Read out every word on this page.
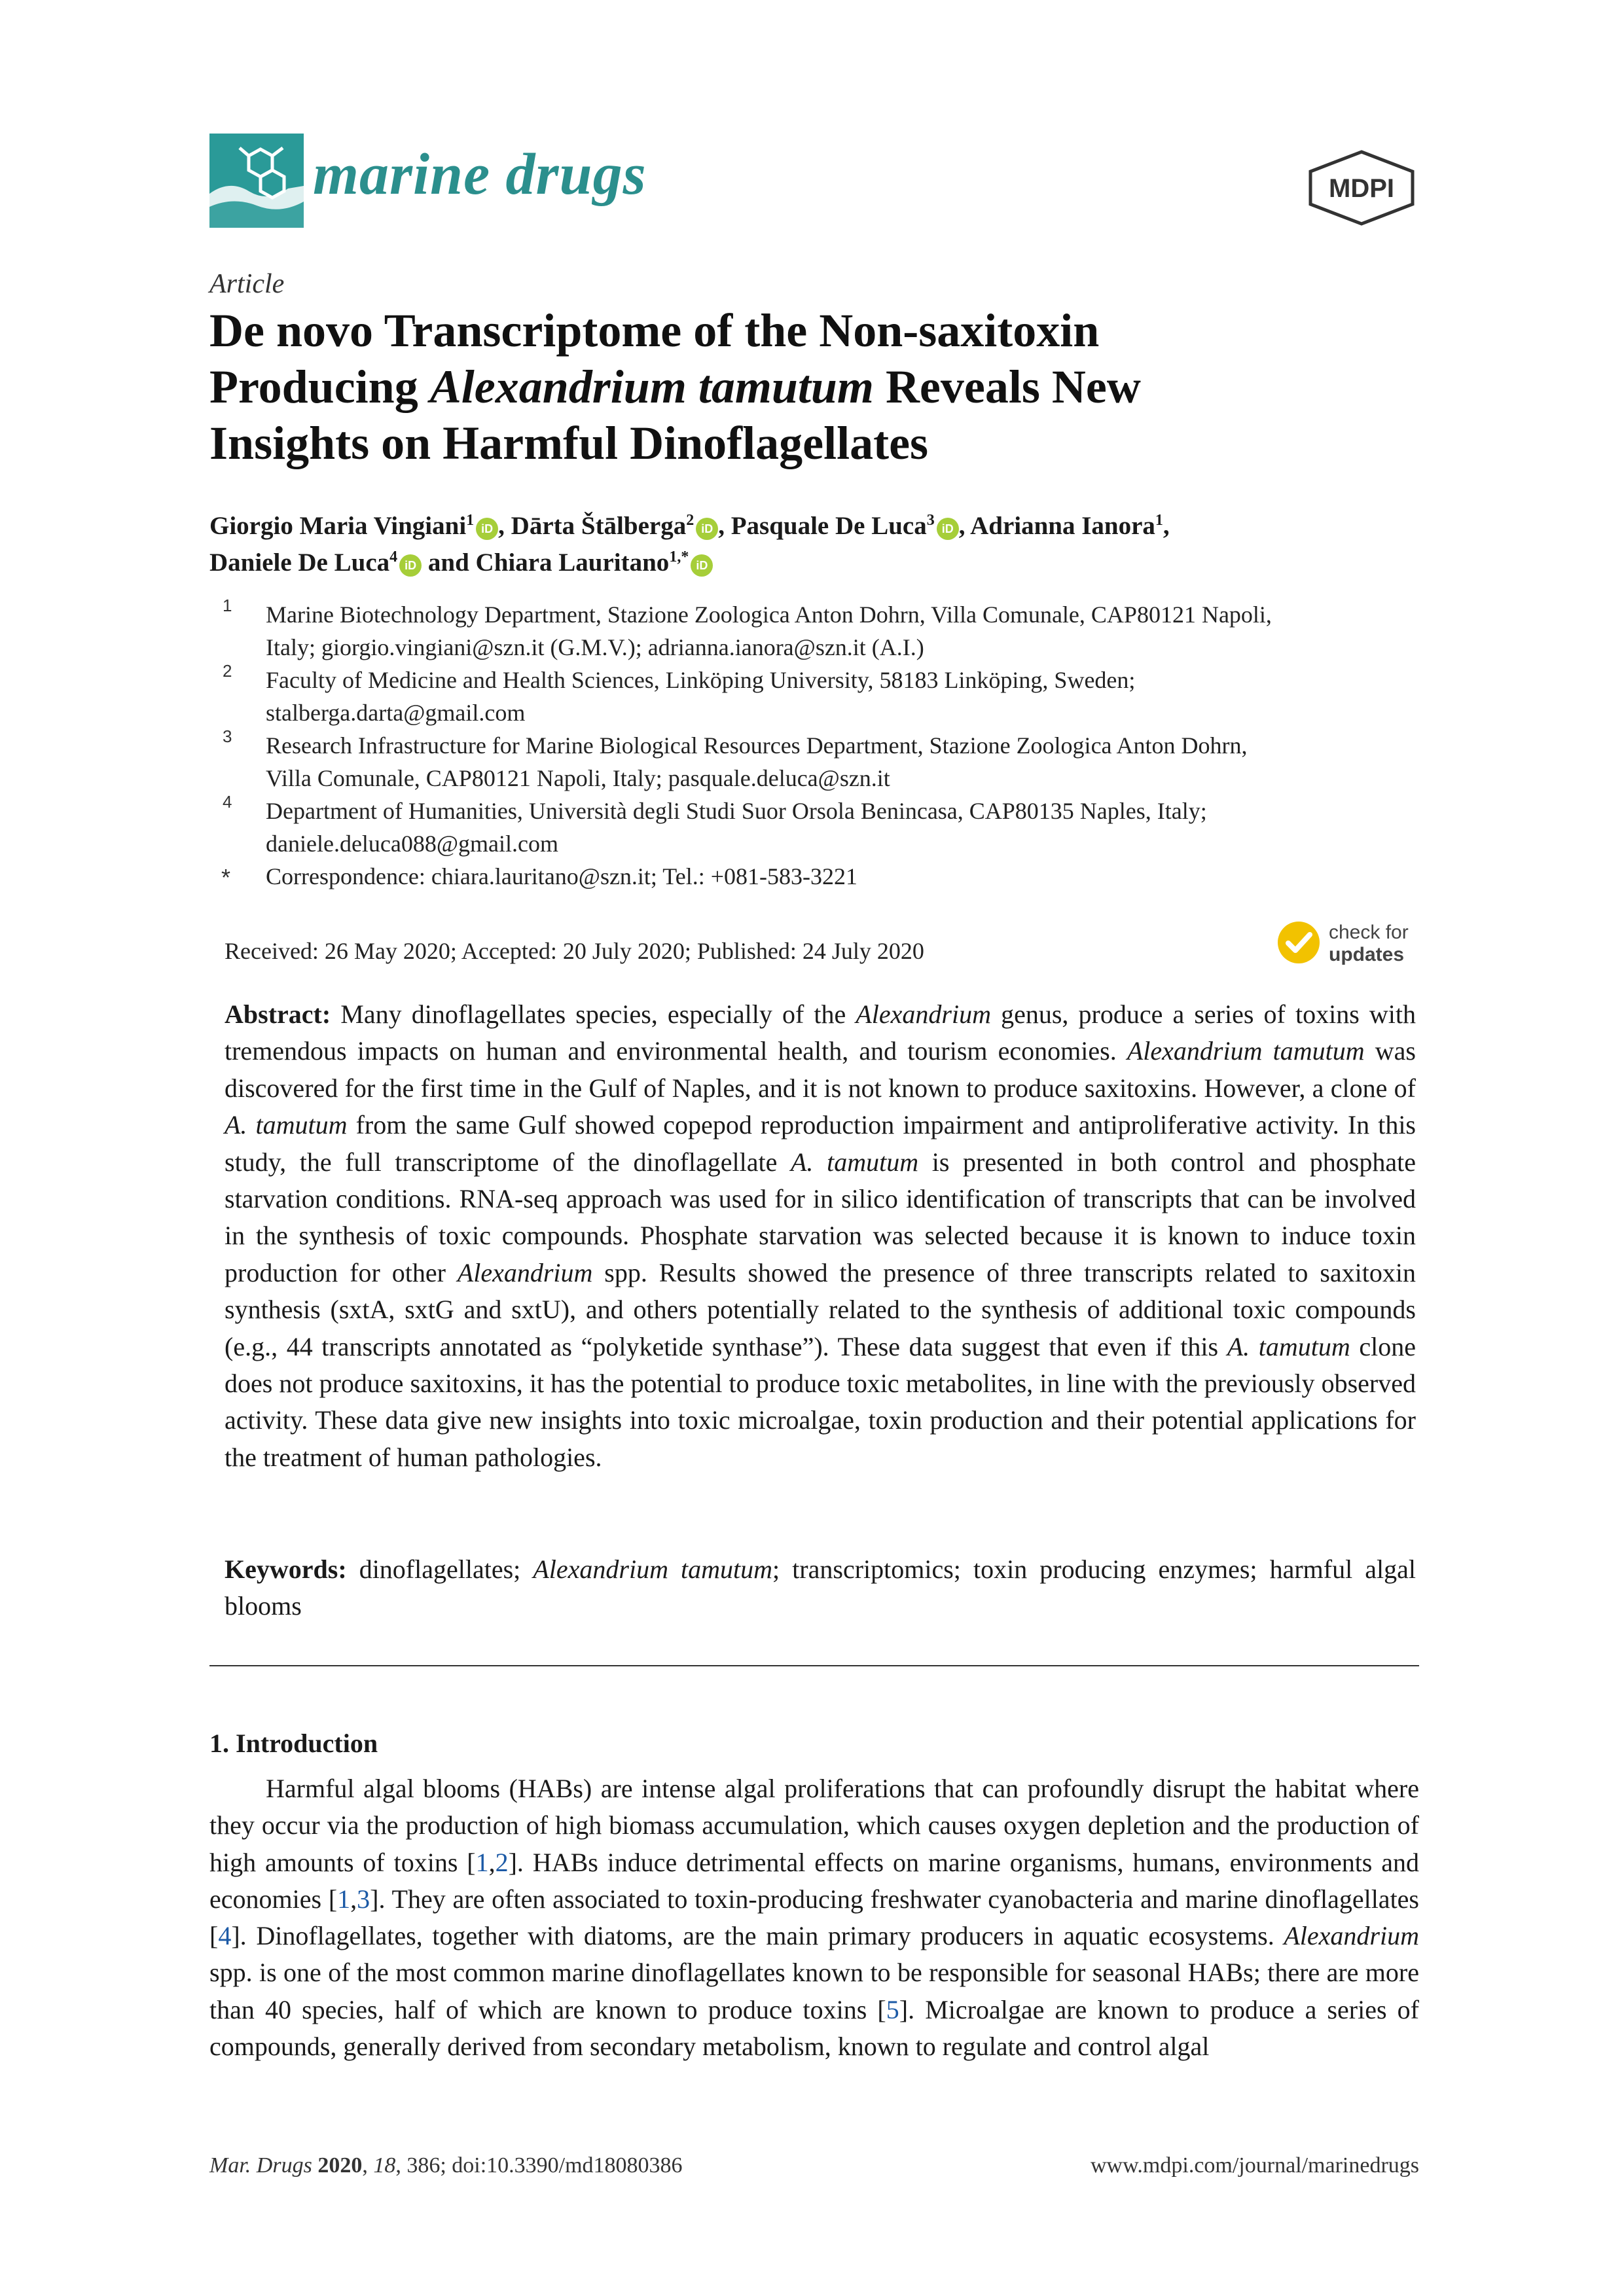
marine drugs	MDPI
Article
De novo Transcriptome of the Non-saxitoxin
Producing Alexandrium tamutum Reveals New
Insights on Harmful Dinoflagellates
Giorgio Maria Vingiani$^1$ iD , Dārta Štālberga$^2$ iD , Pasquale De Luca$^3$ iD , Adrianna Ianora$^1$,
Daniele De Luca$^4$ iD and Chiara Lauritano$^{1,*}$ iD
1 Marine Biotechnology Department, Stazione Zoologica Anton Dohrn, Villa Comunale, CAP80121 Napoli,
Italy; giorgio.vingiani@szn.it (G.M.V.); adrianna.ianora@szn.it (A.I.)
2 Faculty of Medicine and Health Sciences, Linköping University, 58183 Linköping, Sweden;
stalberga.darta@gmail.com
3 Research Infrastructure for Marine Biological Resources Department, Stazione Zoologica Anton Dohrn,
Villa Comunale, CAP80121 Napoli, Italy; pasquale.deluca@szn.it
4 Department of Humanities, Università degli Studi Suor Orsola Benincasa, CAP80135 Naples, Italy;
daniele.deluca088@gmail.com
* Correspondence: chiara.lauritano@szn.it; Tel.: +081-583-3221
Received: 26 May 2020; Accepted: 20 July 2020; Published: 24 July 2020
check for
updates
Abstract: Many dinoflagellates species, especially of the Alexandrium genus, produce a series of toxins with tremendous impacts on human and environmental health, and tourism economies. Alexandrium tamutum was discovered for the first time in the Gulf of Naples, and it is not known to produce saxitoxins. However, a clone of A. tamutum from the same Gulf showed copepod reproduction impairment and antiproliferative activity. In this study, the full transcriptome of the dinoflagellate A. tamutum is presented in both control and phosphate starvation conditions. RNA-seq approach was used for in silico identification of transcripts that can be involved in the synthesis of toxic compounds. Phosphate starvation was selected because it is known to induce toxin production for other Alexandrium spp. Results showed the presence of three transcripts related to saxitoxin synthesis (sxtA, sxtG and sxtU), and others potentially related to the synthesis of additional toxic compounds (e.g., 44 transcripts annotated as “polyketide synthase”). These data suggest that even if this A. tamutum clone does not produce saxitoxins, it has the potential to produce toxic metabolites, in line with the previously observed activity. These data give new insights into toxic microalgae, toxin production and their potential applications for the treatment of human pathologies.
Keywords: dinoflagellates; Alexandrium tamutum; transcriptomics; toxin producing enzymes; harmful algal blooms
1. Introduction
Harmful algal blooms (HABs) are intense algal proliferations that can profoundly disrupt the habitat where they occur via the production of high biomass accumulation, which causes oxygen depletion and the production of high amounts of toxins [1,2]. HABs induce detrimental effects on marine organisms, humans, environments and economies [1,3]. They are often associated to toxin-producing freshwater cyanobacteria and marine dinoflagellates [4]. Dinoflagellates, together with diatoms, are the main primary producers in aquatic ecosystems. Alexandrium spp. is one of the most common marine dinoflagellates known to be responsible for seasonal HABs; there are more than 40 species, half of which are known to produce toxins [5]. Microalgae are known to produce a series of compounds, generally derived from secondary metabolism, known to regulate and control algal
Mar. Drugs 2020, 18, 386; doi:10.3390/md18080386	www.mdpi.com/journal/marinedrugs
